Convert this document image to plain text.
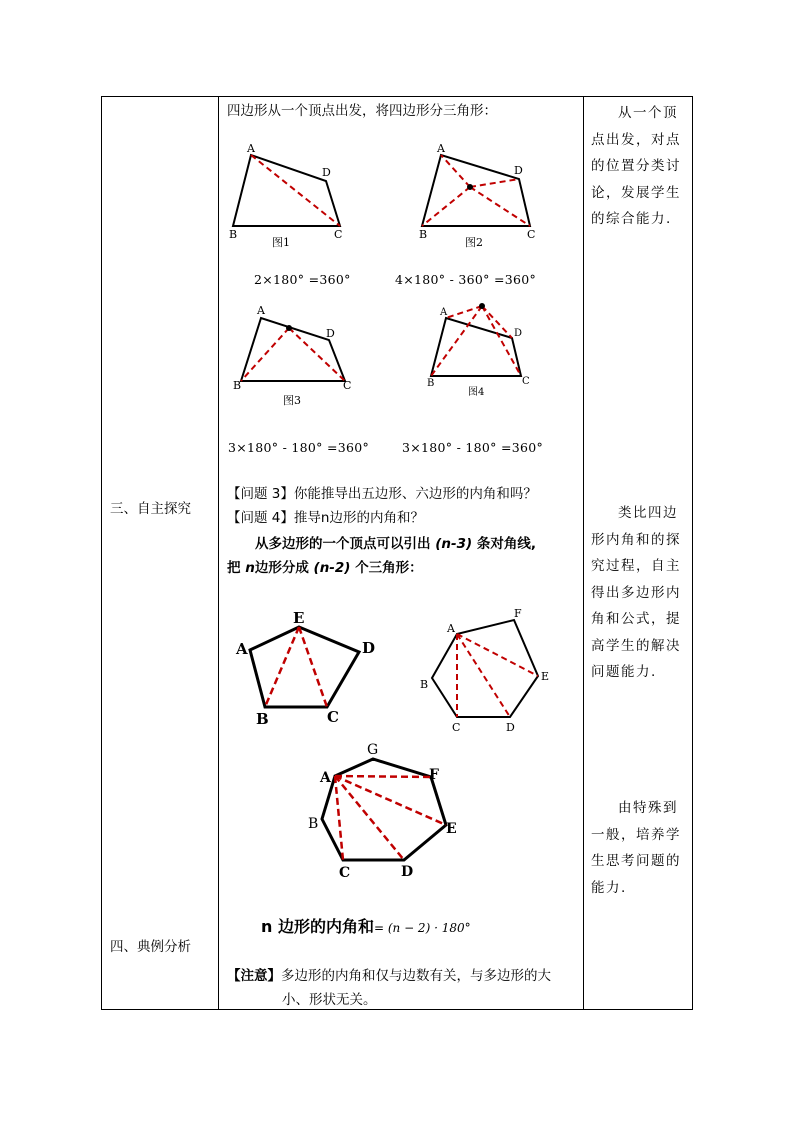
三、自主探究
四、典例分析
四边形从一个顶点出发，将四边形分三角形：
2×180° =360°	4×180° - 360° =360°
3×180° - 180° =360°	3×180° - 180° =360°
【问题 3】你能推导出五边形、六边形的内角和吗？
【问题 4】推导n边形的内角和？
从多边形的一个顶点可以引出 (n-3) 条对角线,
把 n边形分成 (n-2) 个三角形：
n 边形的内角和= (n − 2) · 180°
【注意】多边形的内角和仅与边数有关，与多边形的大
小、形状无关。
从一个顶点出发，对点的位置分类讨论，发展学生的综合能力.
类比四边形内角和的探究过程，自主得出多边形内角和公式，提高学生的解决问题能力.
由特殊到一般，培养学生思考问题的能力.
A
B	C
D
图1
A
B	C
D
图2
A
B	C
D
图3
A
B	C
D
图4
A
B	C
D
E
A
B
C	D
E
F
A
B
C	D
E
F
G
